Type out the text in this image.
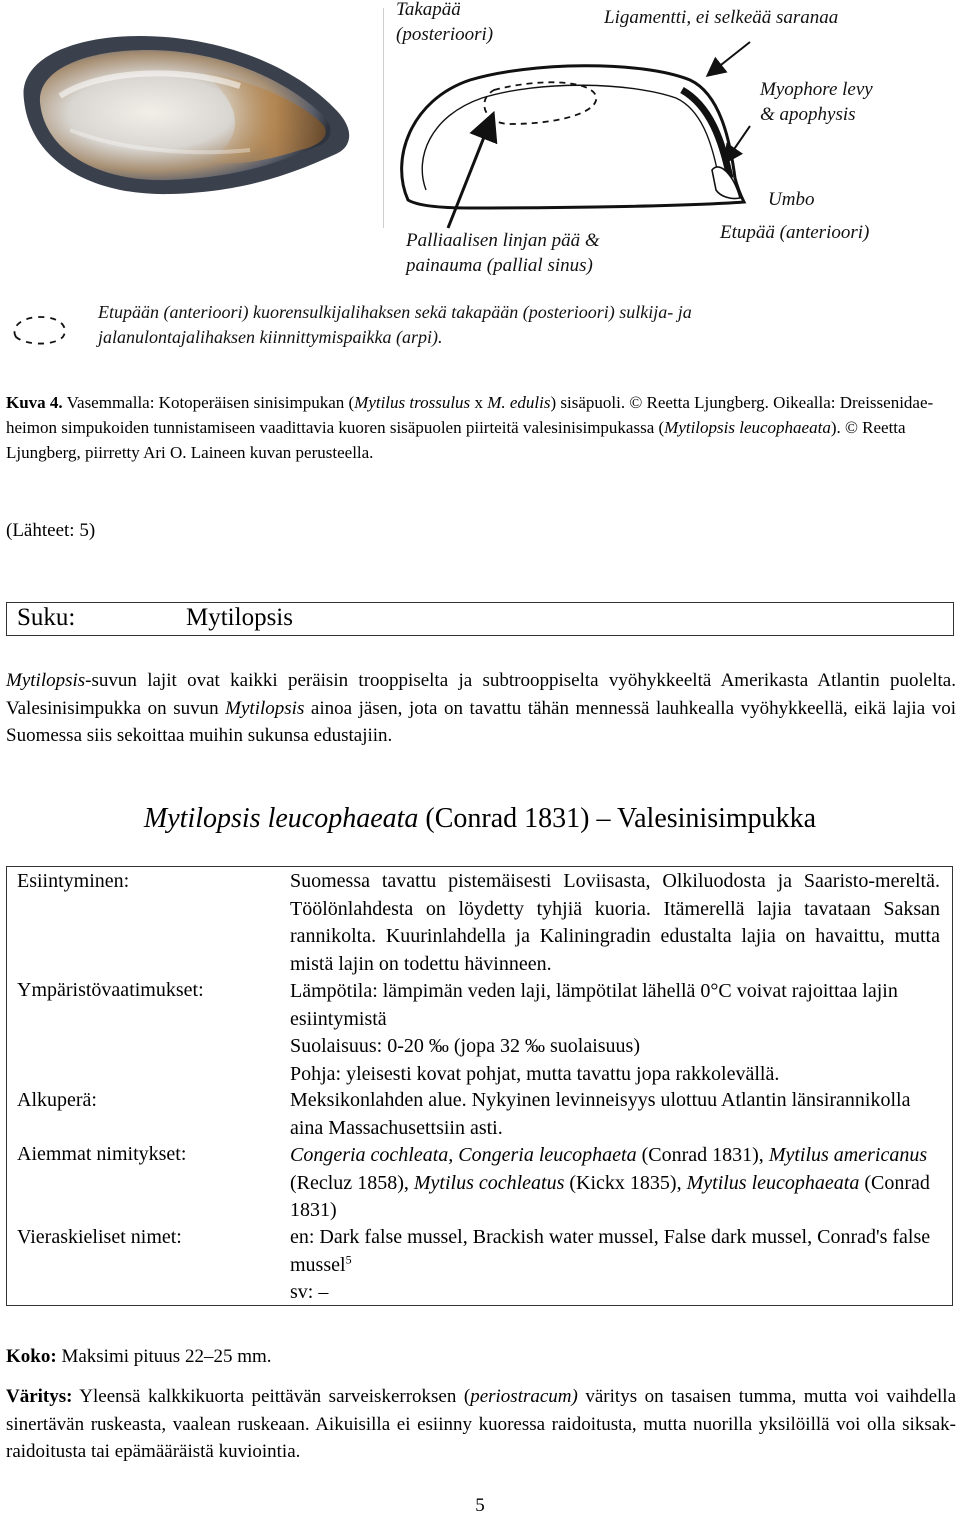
Takapää
(posterioori)
Ligamentti, ei selkeää saranaa
Myophore levy
& apophysis
Umbo
Etupää (anterioori)
Palliaalisen linjan pää &
painauma (pallial sinus)
Etupään (anterioori) kuorensulkijalihaksen sekä takapään (posterioori) sulkija- ja
jalanulontajalihaksen kiinnittymispaikka (arpi).
Kuva 4. Vasemmalla: Kotoperäisen sinisimpukan (Mytilus trossulus x M. edulis) sisäpuoli. © Reetta Ljungberg. Oikealla: Dreissenidae-heimon simpukoiden tunnistamiseen vaadittavia kuoren sisäpuolen piirteitä valesinisimpukassa (Mytilopsis leucophaeata). © Reetta Ljungberg, piirretty Ari O. Laineen kuvan perusteella.
(Lähteet: 5)
Suku:	Mytilopsis
Mytilopsis-suvun lajit ovat kaikki peräisin trooppiselta ja subtrooppiselta vyöhykkeeltä Amerikasta Atlantin puolelta. Valesinisimpukka on suvun Mytilopsis ainoa jäsen, jota on tavattu tähän mennessä lauhkealla vyöhykkeellä, eikä lajia voi Suomessa siis sekoittaa muihin sukunsa edustajiin.
Mytilopsis leucophaeata (Conrad 1831) – Valesinisimpukka
Esiintyminen:	Suomessa tavattu pistemäisesti Loviisasta, Olkiluodosta ja Saaristo-mereltä. Töölönlahdesta on löydetty tyhjiä kuoria. Itämerellä lajia tavataan Saksan rannikolta. Kuurinlahdella ja Kaliningradin edustalta lajia on havaittu, mutta mistä lajin on todettu hävinneen.
Ympäristövaatimukset:	Lämpötila: lämpimän veden laji, lämpötilat lähellä 0°C voivat rajoittaa lajin esiintymistä

Suolaisuus: 0-20 ‰ (jopa 32 ‰ suolaisuus)

Pohja: yleisesti kovat pohjat, mutta tavattu jopa rakkolevällä.

Alkuperä:	Meksikonlahden alue. Nykyinen levinneisyys ulottuu Atlantin länsirannikolla aina Massachusettsiin asti.
Aiemmat nimitykset:	Congeria cochleata, Congeria leucophaeta (Conrad 1831), Mytilus americanus (Recluz 1858), Mytilus cochleatus (Kickx 1835), Mytilus leucophaeata (Conrad 1831)
Vieraskieliset nimet:	en: Dark false mussel, Brackish water mussel, False dark mussel, Conrad's false mussel$^5$

sv: –

Koko: Maksimi pituus 22–25 mm.
Väritys: Yleensä kalkkikuorta peittävän sarveiskerroksen (periostracum) väritys on tasaisen tumma, mutta voi vaihdella sinertävän ruskeasta, vaalean ruskeaan. Aikuisilla ei esiinny kuoressa raidoitusta, mutta nuorilla yksilöillä voi olla siksak-raidoitusta tai epämääräistä kuviointia.
5
